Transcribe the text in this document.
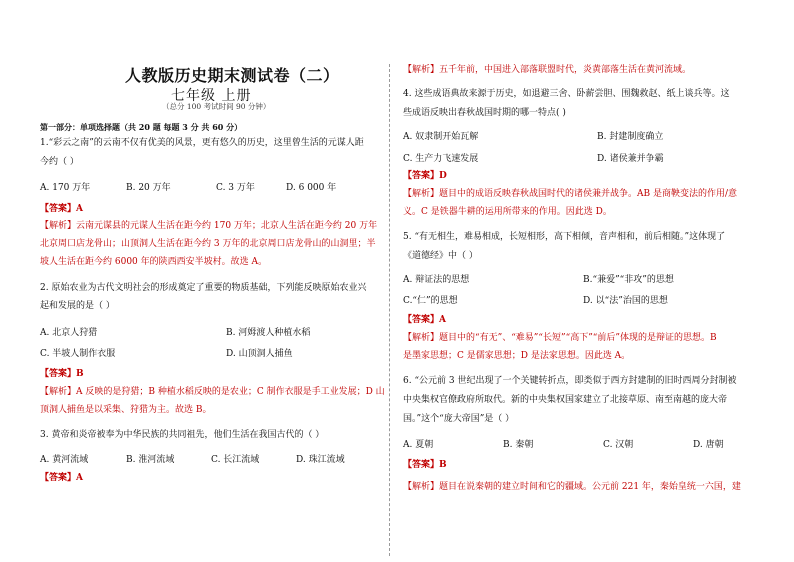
人教版历史期末测试卷（二）
七年级 上册
（总分 100 考试时间 90 分钟）
第一部分：单项选择题（共 20 题 每题 3 分 共 60 分）
1.“彩云之南”的云南不仅有优美的风景，更有悠久的历史，这里曾生活的元谋人距
今约（ ）
A. 170 万年	B. 20 万年	C. 3 万年	D. 6 000 年
【答案】A
【解析】云南元谋县的元谋人生活在距今约 170 万年；北京人生活在距今约 20 万年
北京周口店龙骨山；山顶洞人生活在距今约 3 万年的北京周口店龙骨山的山洞里；半
坡人生活在距今约 6000 年的陕西西安半坡村。故选 A。
2. 原始农业为古代文明社会的形成奠定了重要的物质基础，下列能反映原始农业兴
起和发展的是（ ）
A. 北京人狩猎	B. 河姆渡人种植水稻
C. 半坡人制作衣服	D. 山顶洞人捕鱼
【答案】B
【解析】A 反映的是狩猎；B 种植水稻反映的是农业；C 制作衣服是手工业发展；D 山
顶洞人捕鱼是以采集、狩猎为主。故选 B。
3. 黄帝和炎帝被奉为中华民族的共同祖先，他们生活在我国古代的（ ）
A. 黄河流域	B. 淮河流域	C. 长江流域	D. 珠江流域
【答案】A
【解析】五千年前，中国进入部落联盟时代，炎黄部落生活在黄河流域。
4. 这些成语典故来源于历史，如退避三舍、卧薪尝胆、围魏救赵、纸上谈兵等。这
些成语反映出春秋战国时期的哪一特点( )
A. 奴隶制开始瓦解	B. 封建制度确立
C. 生产力飞速发展	D. 诸侯兼并争霸
【答案】D
【解析】题目中的成语反映春秋战国时代的诸侯兼并战争。AB 是商鞅变法的作用/意
义。C 是铁器牛耕的运用所带来的作用。因此选 D。
5. “有无相生，难易相成，长短相形，高下相倾，音声相和，前后相随。”这体现了
《道德经》中（ ）
A. 辩证法的思想	B.“兼爱”“非攻”的思想
C.“仁”的思想	D. 以“法”治国的思想
【答案】A
【解析】题目中的“有无”、“难易”“长短”“高下”“前后”体现的是辩证的思想。B
是墨家思想；C 是儒家思想；D 是法家思想。因此选 A。
6. “公元前 3 世纪出现了一个关键转折点，即类似于西方封建制的旧时西周分封制被
中央集权官僚政府所取代。新的中央集权国家建立了北接草原、南至南越的庞大帝
国。”这个“庞大帝国”是（ ）
A. 夏朝	B. 秦朝	C. 汉朝	D. 唐朝
【答案】B
【解析】题目在说秦朝的建立时间和它的疆域。公元前 221 年，秦始皇统一六国，建
